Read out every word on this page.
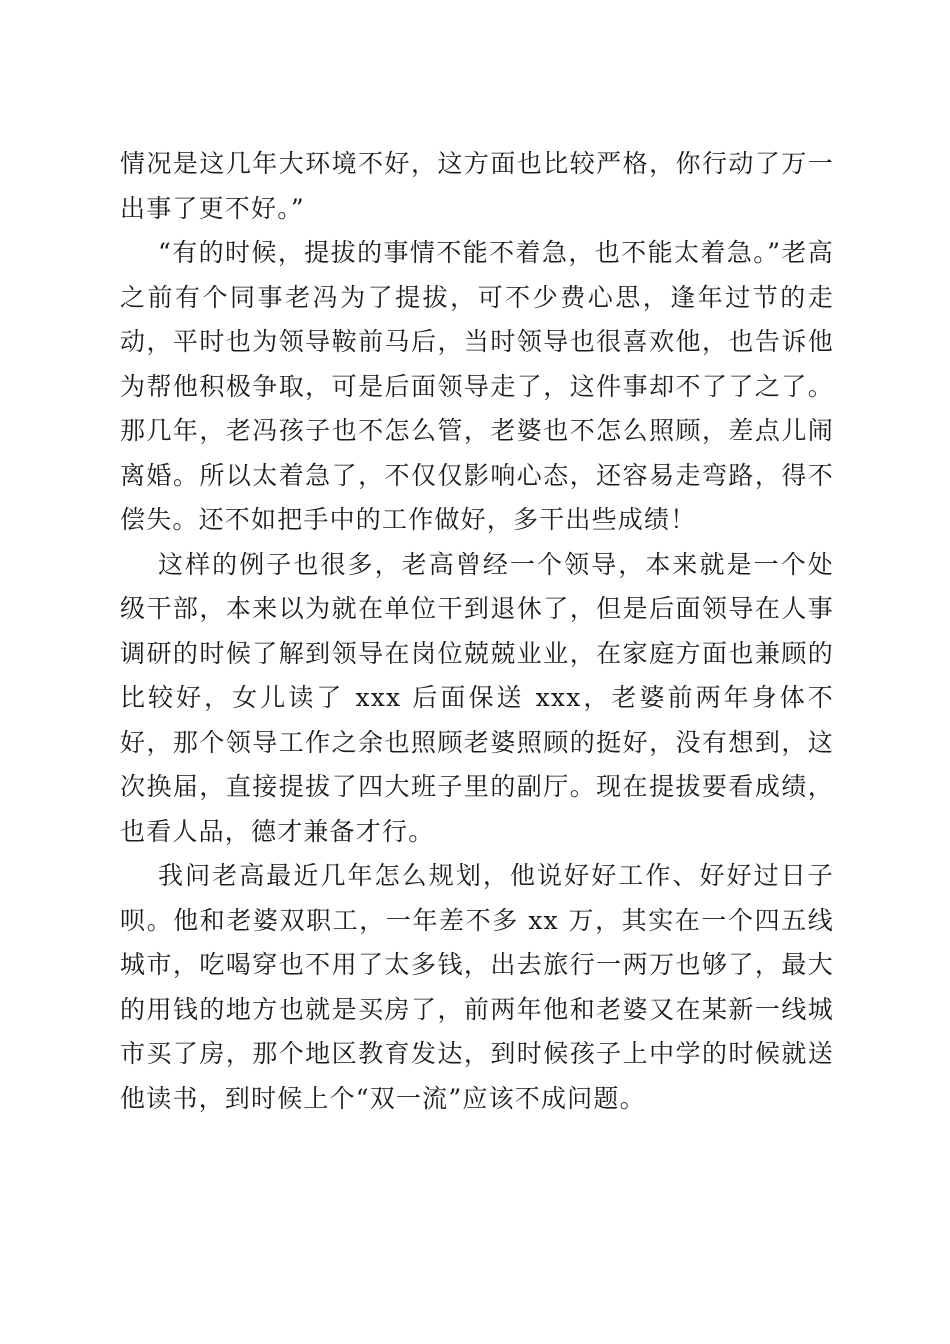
情况是这几年大环境不好，这方面也比较严格，你行动了万一出事了更不好。”

“有的时候，提拔的事情不能不着急，也不能太着急。”老高之前有个同事老冯为了提拔，可不少费心思，逢年过节的走动，平时也为领导鞍前马后，当时领导也很喜欢他，也告诉他为帮他积极争取，可是后面领导走了，这件事却不了了之了。那几年，老冯孩子也不怎么管，老婆也不怎么照顾，差点儿闹离婚。所以太着急了，不仅仅影响心态，还容易走弯路，得不偿失。还不如把手中的工作做好，多干出些成绩！

这样的例子也很多，老高曾经一个领导，本来就是一个处级干部，本来以为就在单位干到退休了，但是后面领导在人事调研的时候了解到领导在岗位兢兢业业，在家庭方面也兼顾的比较好，女儿读了 xxx 后面保送 xxx，老婆前两年身体不好，那个领导工作之余也照顾老婆照顾的挺好，没有想到，这次换届，直接提拔了四大班子里的副厅。现在提拔要看成绩，也看人品，德才兼备才行。

我问老高最近几年怎么规划，他说好好工作、好好过日子呗。他和老婆双职工，一年差不多 xx 万，其实在一个四五线城市，吃喝穿也不用了太多钱，出去旅行一两万也够了，最大的用钱的地方也就是买房了，前两年他和老婆又在某新一线城市买了房，那个地区教育发达，到时候孩子上中学的时候就送他读书，到时候上个“双一流”应该不成问题。
